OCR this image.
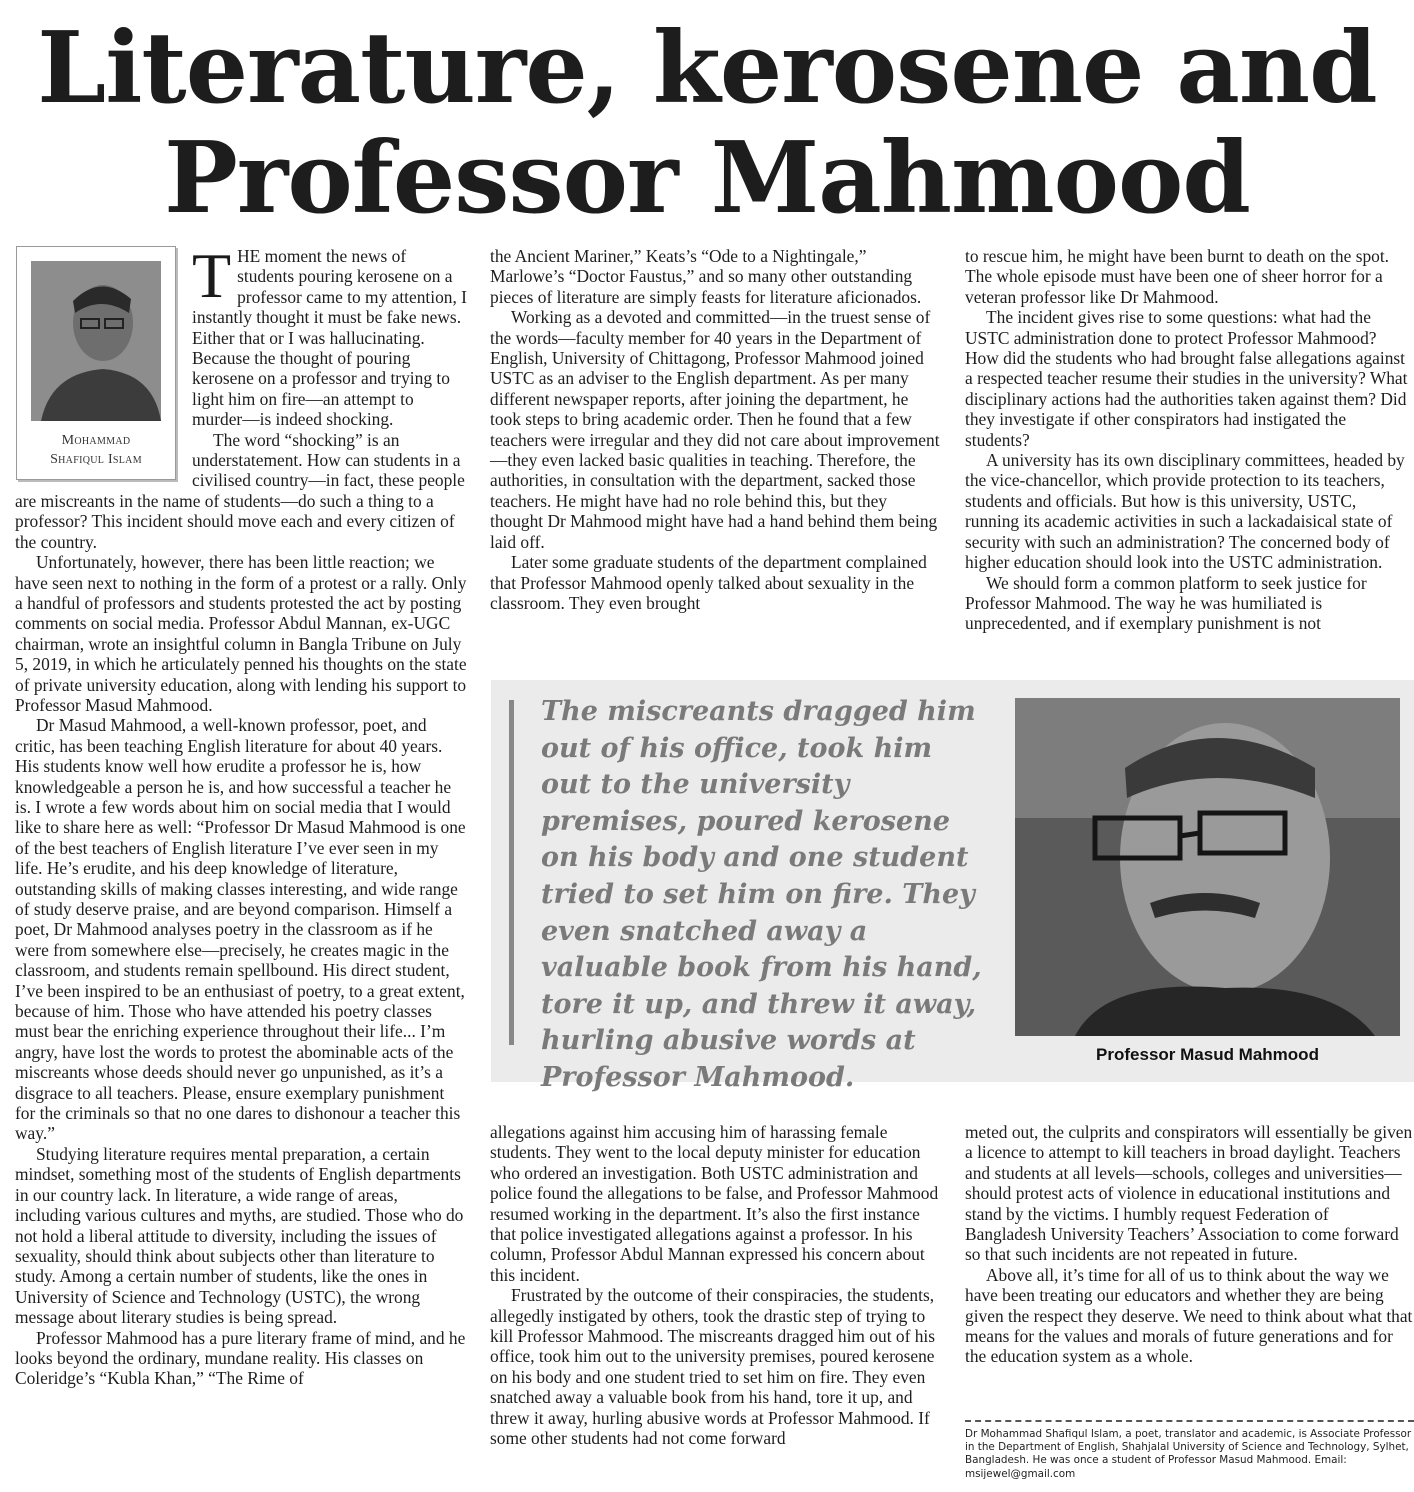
Literature, kerosene and
Professor Mahmood
Mohammad
Shafiqul Islam

THE moment the news of students pouring kerosene on a professor came to my attention, I instantly thought it must be fake news. Either that or I was hallucinating. Because the thought of pouring kerosene on a professor and trying to light him on fire—an attempt to murder—is indeed shocking.

The word “shocking” is an understatement. How can students in a civilised country—in fact, these people are miscreants in the name of students—do such a thing to a professor? This incident should move each and every citizen of the country.

Unfortunately, however, there has been little reaction; we have seen next to nothing in the form of a protest or a rally. Only a handful of professors and students protested the act by posting comments on social media. Professor Abdul Mannan, ex-UGC chairman, wrote an insightful column in Bangla Tribune on July 5, 2019, in which he articulately penned his thoughts on the state of private university education, along with lending his support to Professor Masud Mahmood.

Dr Masud Mahmood, a well-known professor, poet, and critic, has been teaching English literature for about 40 years. His students know well how erudite a professor he is, how knowledgeable a person he is, and how successful a teacher he is. I wrote a few words about him on social media that I would like to share here as well: “Professor Dr Masud Mahmood is one of the best teachers of English literature I’ve ever seen in my life. He’s erudite, and his deep knowledge of literature, outstanding skills of making classes interesting, and wide range of study deserve praise, and are beyond comparison. Himself a poet, Dr Mahmood analyses poetry in the classroom as if he were from somewhere else—precisely, he creates magic in the classroom, and students remain spellbound. His direct student, I’ve been inspired to be an enthusiast of poetry, to a great extent, because of him. Those who have attended his poetry classes must bear the enriching experience throughout their life... I’m angry, have lost the words to protest the abominable acts of the miscreants whose deeds should never go unpunished, as it’s a disgrace to all teachers. Please, ensure exemplary punishment for the criminals so that no one dares to dishonour a teacher this way.”

Studying literature requires mental preparation, a certain mindset, something most of the students of English departments in our country lack. In literature, a wide range of areas, including various cultures and myths, are studied. Those who do not hold a liberal attitude to diversity, including the issues of sexuality, should think about subjects other than literature to study. Among a certain number of students, like the ones in University of Science and Technology (USTC), the wrong message about literary studies is being spread.

Professor Mahmood has a pure literary frame of mind, and he looks beyond the ordinary, mundane reality. His classes on Coleridge’s “Kubla Khan,” “The Rime of

the Ancient Mariner,” Keats’s “Ode to a Nightingale,” Marlowe’s “Doctor Faustus,” and so many other outstanding pieces of literature are simply feasts for literature aficionados.

Working as a devoted and committed—in the truest sense of the words—faculty member for 40 years in the Department of English, University of Chittagong, Professor Mahmood joined USTC as an adviser to the English department. As per many different newspaper reports, after joining the department, he took steps to bring academic order. Then he found that a few teachers were irregular and they did not care about improvement—they even lacked basic qualities in teaching. Therefore, the authorities, in consultation with the department, sacked those teachers. He might have had no role behind this, but they thought Dr Mahmood might have had a hand behind them being laid off.

Later some graduate students of the department complained that Professor Mahmood openly talked about sexuality in the classroom. They even brought

to rescue him, he might have been burnt to death on the spot. The whole episode must have been one of sheer horror for a veteran professor like Dr Mahmood.

The incident gives rise to some questions: what had the USTC administration done to protect Professor Mahmood? How did the students who had brought false allegations against a respected teacher resume their studies in the university? What disciplinary actions had the authorities taken against them? Did they investigate if other conspirators had instigated the students?

A university has its own disciplinary committees, headed by the vice-chancellor, which provide protection to its teachers, students and officials. But how is this university, USTC, running its academic activities in such a lackadaisical state of security with such an administration? The concerned body of higher education should look into the USTC administration.

We should form a common platform to seek justice for Professor Mahmood. The way he was humiliated is unprecedented, and if exemplary punishment is not

The miscreants dragged him out of his office, took him out to the university premises, poured kerosene on his body and one student tried to set him on fire. They even snatched away a valuable book from his hand, tore it up, and threw it away, hurling abusive words at Professor Mahmood.

Professor Masud Mahmood

allegations against him accusing him of harassing female students. They went to the local deputy minister for education who ordered an investigation. Both USTC administration and police found the allegations to be false, and Professor Mahmood resumed working in the department. It’s also the first instance that police investigated allegations against a professor. In his column, Professor Abdul Mannan expressed his concern about this incident.

Frustrated by the outcome of their conspiracies, the students, allegedly instigated by others, took the drastic step of trying to kill Professor Mahmood. The miscreants dragged him out of his office, took him out to the university premises, poured kerosene on his body and one student tried to set him on fire. They even snatched away a valuable book from his hand, tore it up, and threw it away, hurling abusive words at Professor Mahmood. If some other students had not come forward

meted out, the culprits and conspirators will essentially be given a licence to attempt to kill teachers in broad daylight. Teachers and students at all levels—schools, colleges and universities—should protest acts of violence in educational institutions and stand by the victims. I humbly request Federation of Bangladesh University Teachers’ Association to come forward so that such incidents are not repeated in future.

Above all, it’s time for all of us to think about the way we have been treating our educators and whether they are being given the respect they deserve. We need to think about what that means for the values and morals of future generations and for the education system as a whole.

Dr Mohammad Shafiqul Islam, a poet, translator and academic, is Associate Professor in the Department of English, Shahjalal University of Science and Technology, Sylhet, Bangladesh. He was once a student of Professor Masud Mahmood. Email: msijewel@gmail.com
